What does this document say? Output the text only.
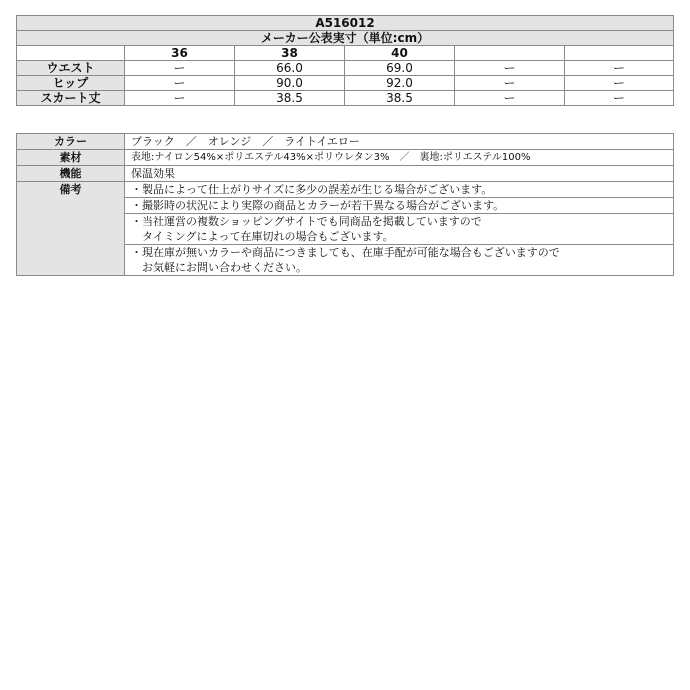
A516012					
メーカー公表実寸（単位:cm）					
	36	38	40		
ウエスト	ー	66.0	69.0	ー	ー
ヒップ	ー	90.0	92.0	ー	ー
スカート丈	ー	38.5	38.5	ー	ー
カラー	ブラック　／　オレンジ　／　ライトイエロー
素材	表地:ナイロン54%×ポリエステル43%×ポリウレタン3%　／　裏地:ポリエステル100%
機能	保温効果
備考	・製品によって仕上がりサイズに多少の誤差が生じる場合がございます。

	・撮影時の状況により実際の商品とカラーが若干異なる場合がございます。

	・当社運営の複数ショッピングサイトでも同商品を掲載していますので
　タイミングによって在庫切れの場合もございます。

	・現在庫が無いカラーや商品につきましても、在庫手配が可能な場合もございますので
　お気軽にお問い合わせください。
